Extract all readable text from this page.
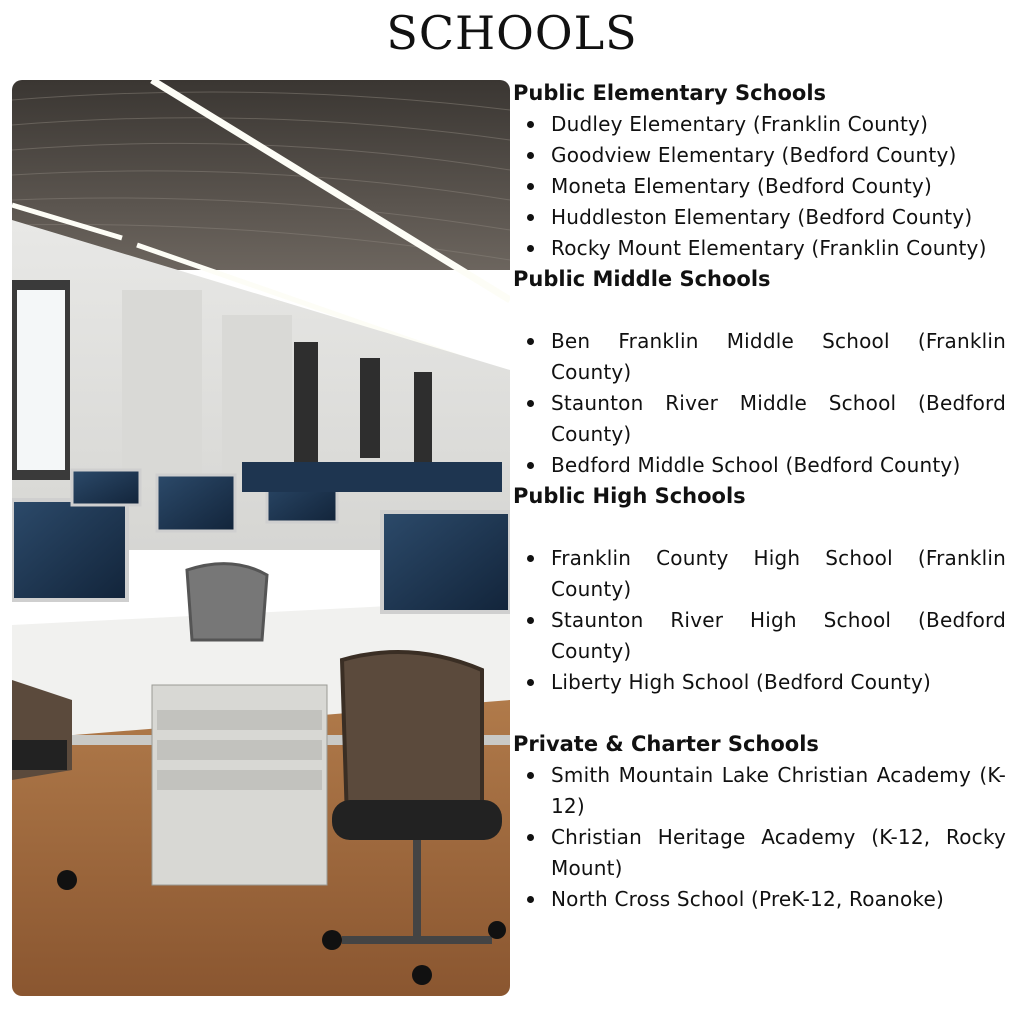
SCHOOLS
Public Elementary Schools
Dudley Elementary (Franklin County)
Goodview Elementary (Bedford County)
Moneta Elementary (Bedford County)
Huddleston Elementary (Bedford County)
Rocky Mount Elementary (Franklin County)
Public Middle Schools
Ben Franklin Middle School (Franklin County)
Staunton River Middle School (Bedford County)
Bedford Middle School (Bedford County)
Public High Schools
Franklin County High School (Franklin County)
Staunton River High School (Bedford County)
Liberty High School (Bedford County)
Private & Charter Schools
Smith Mountain Lake Christian Academy (K-12)
Christian Heritage Academy (K-12, Rocky Mount)
North Cross School (PreK-12, Roanoke)
